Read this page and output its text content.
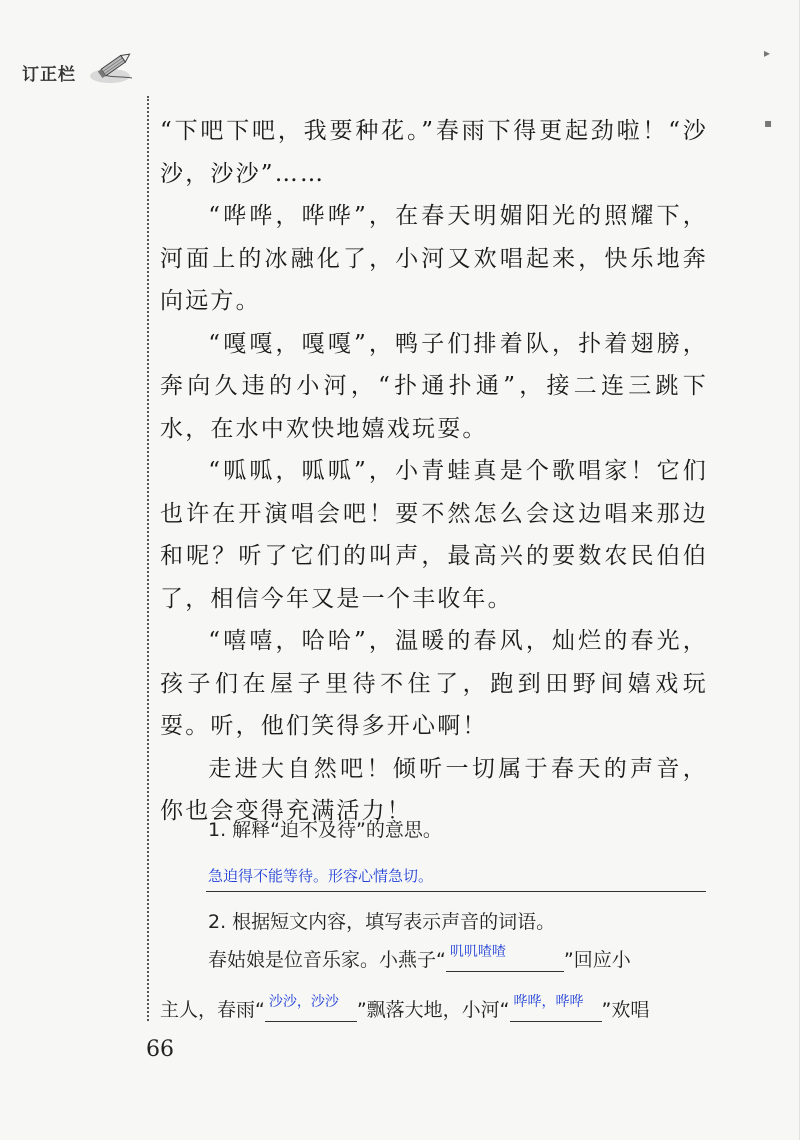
订正栏
▸
▪

“下吧下吧，我要种花。”春雨下得更起劲啦！“沙沙，沙沙”……

“哗哗，哗哗”，在春天明媚阳光的照耀下，河面上的冰融化了，小河又欢唱起来，快乐地奔向远方。

“嘎嘎，嘎嘎”，鸭子们排着队，扑着翅膀，奔向久违的小河，“扑通扑通”，接二连三跳下水，在水中欢快地嬉戏玩耍。

“呱呱，呱呱”，小青蛙真是个歌唱家！它们也许在开演唱会吧！要不然怎么会这边唱来那边和呢？听了它们的叫声，最高兴的要数农民伯伯了，相信今年又是一个丰收年。

“嘻嘻，哈哈”，温暖的春风，灿烂的春光，孩子们在屋子里待不住了，跑到田野间嬉戏玩耍。听，他们笑得多开心啊！

走进大自然吧！倾听一切属于春天的声音，你也会变得充满活力！

1. 解释“迫不及待”的意思。
急迫得不能等待。形容心情急切。
2. 根据短文内容，填写表示声音的词语。
春姑娘是位音乐家。小燕子“ 叽叽喳喳	”回应小
主人，春雨“ 沙沙，沙沙 ”飘落大地，小河“ 哗哗，哗哗 ”欢唱
66
